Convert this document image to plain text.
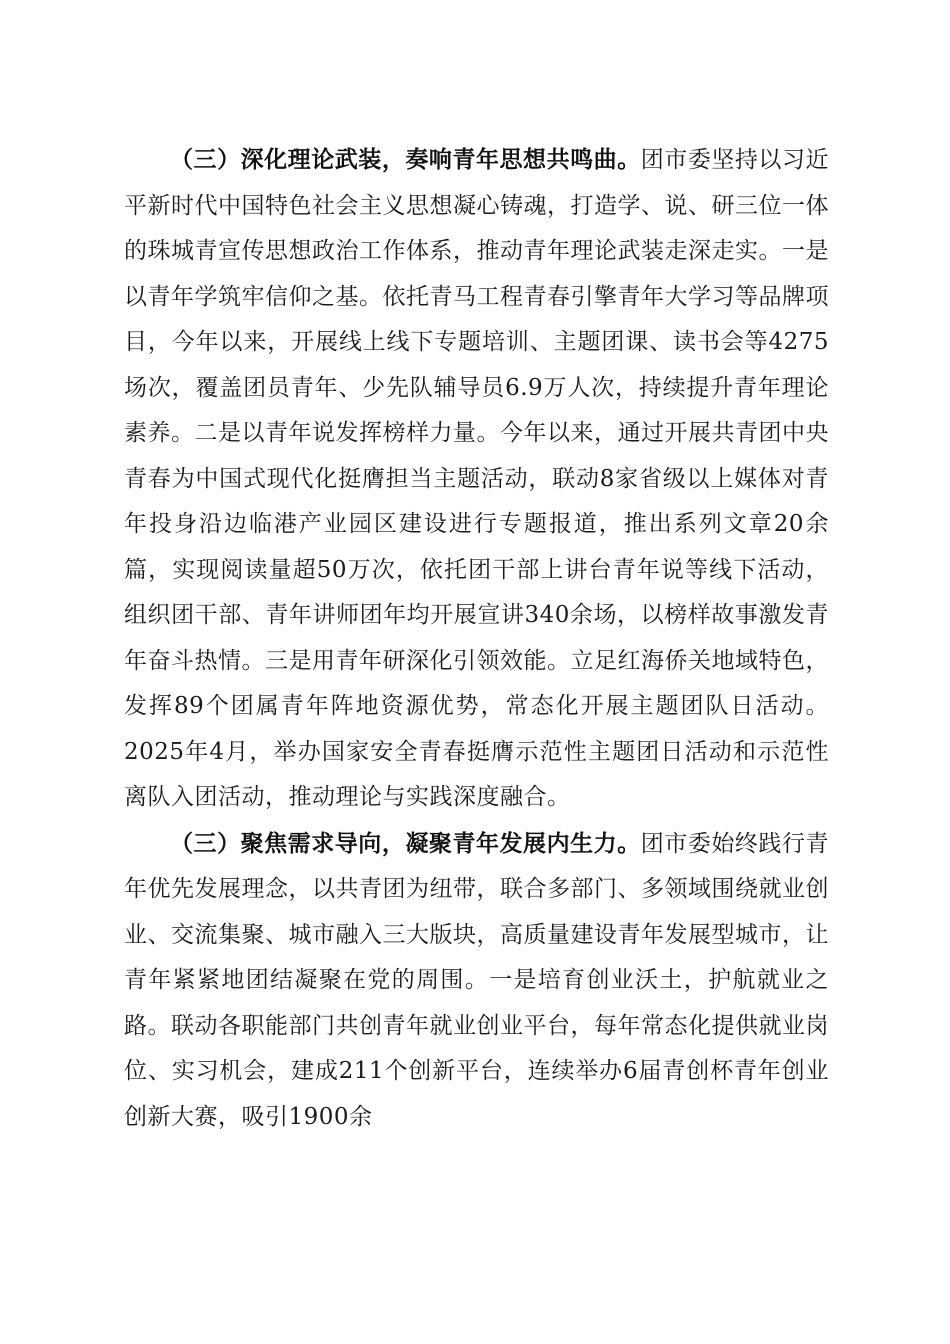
（三）深化理论武装，奏响青年思想共鸣曲。团市委坚持以习近平新时代中国特色社会主义思想凝心铸魂，打造学、说、研三位一体的珠城青宣传思想政治工作体系，推动青年理论武装走深走实。一是以青年学筑牢信仰之基。依托青马工程青春引擎青年大学习等品牌项目，今年以来，开展线上线下专题培训、主题团课、读书会等4275场次，覆盖团员青年、少先队辅导员6.9万人次，持续提升青年理论素养。二是以青年说发挥榜样力量。今年以来，通过开展共青团中央青春为中国式现代化挺膺担当主题活动，联动8家省级以上媒体对青年投身沿边临港产业园区建设进行专题报道，推出系列文章20余篇，实现阅读量超50万次，依托团干部上讲台青年说等线下活动，组织团干部、青年讲师团年均开展宣讲340余场，以榜样故事激发青年奋斗热情。三是用青年研深化引领效能。立足红海侨关地域特色，发挥89个团属青年阵地资源优势，常态化开展主题团队日活动。2025年4月，举办国家安全青春挺膺示范性主题团日活动和示范性离队入团活动，推动理论与实践深度融合。

（三）聚焦需求导向，凝聚青年发展内生力。团市委始终践行青年优先发展理念，以共青团为纽带，联合多部门、多领域围绕就业创业、交流集聚、城市融入三大版块，高质量建设青年发展型城市，让青年紧紧地团结凝聚在党的周围。一是培育创业沃土，护航就业之路。联动各职能部门共创青年就业创业平台，每年常态化提供就业岗位、实习机会，建成211个创新平台，连续举办6届青创杯青年创业创新大赛，吸引1900余
